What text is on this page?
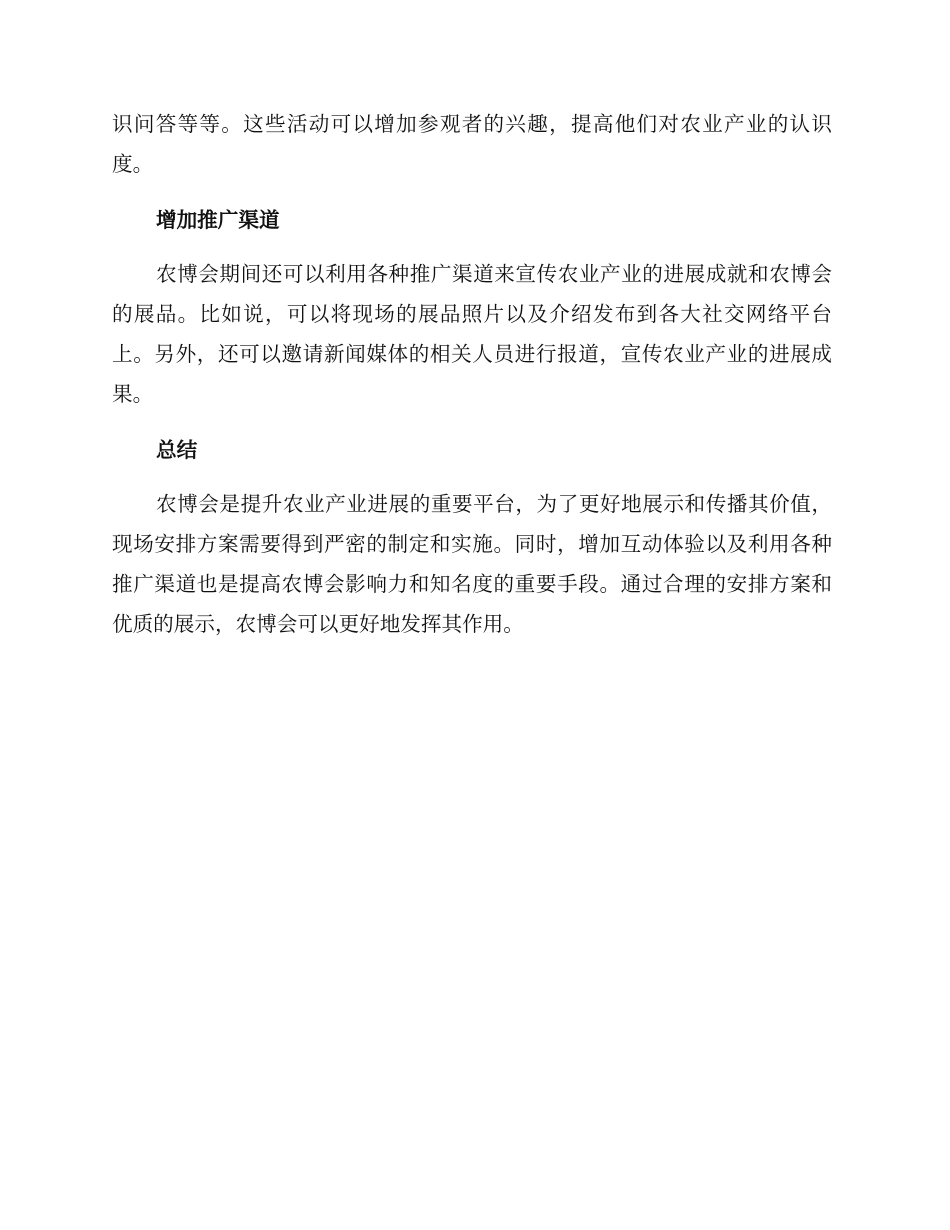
识问答等等。这些活动可以增加参观者的兴趣，提高他们对农业产业的认识度。

增加推广渠道

农博会期间还可以利用各种推广渠道来宣传农业产业的进展成就和农博会的展品。比如说，可以将现场的展品照片以及介绍发布到各大社交网络平台上。另外，还可以邀请新闻媒体的相关人员进行报道，宣传农业产业的进展成果。

总结

农博会是提升农业产业进展的重要平台，为了更好地展示和传播其价值，现场安排方案需要得到严密的制定和实施。同时，增加互动体验以及利用各种推广渠道也是提高农博会影响力和知名度的重要手段。通过合理的安排方案和优质的展示，农博会可以更好地发挥其作用。
